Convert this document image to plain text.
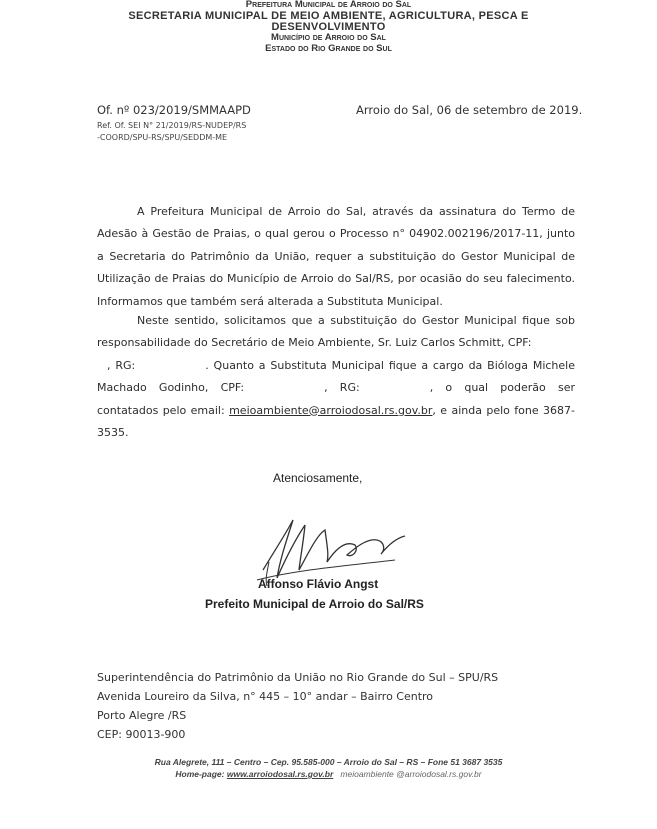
Prefeitura Municipal de Arroio do Sal
SECRETARIA MUNICIPAL DE MEIO AMBIENTE, AGRICULTURA, PESCA E
DESENVOLVIMENTO
Município de Arroio do Sal
Estado do Rio Grande do Sul
Of. nº 023/2019/SMMAAPD	Arroio do Sal, 06 de setembro de 2019.
Ref. Of. SEI N° 21/2019/RS-NUDEP/RS
-COORD/SPU-RS/SPU/SEDDM-ME
A Prefeitura Municipal de Arroio do Sal, através da assinatura do Termo de Adesão à Gestão de Praias, o qual gerou o Processo n° 04902.002196/2017-11, junto a Secretaria do Patrimônio da União, requer a substituição do Gestor Municipal de Utilização de Praias do Município de Arroio do Sal/RS, por ocasião do seu falecimento. Informamos que também será alterada a Substituta Municipal.
Neste sentido, solicitamos que a substituição do Gestor Municipal fique sob responsabilidade do Secretário de Meio Ambiente, Sr. Luiz Carlos Schmitt, CPF:
, RG:	. Quanto a Substituta Municipal fique a cargo da Bióloga Michele Machado Godinho, CPF:	, RG:	, o qual poderão ser contatados pelo email: meioambiente@arroiodosal.rs.gov.br, e ainda pelo fone 3687-3535.
Atenciosamente,
Affonso Flávio Angst
Prefeito Municipal de Arroio do Sal/RS
Superintendência do Patrimônio da União no Rio Grande do Sul – SPU/RS
Avenida Loureiro da Silva, n° 445 – 10° andar – Bairro Centro
Porto Alegre /RS
CEP: 90013-900
Rua Alegrete, 111 – Centro – Cep. 95.585-000 – Arroio do Sal – RS – Fone 51 3687 3535
Home-page: www.arroiodosal.rs.gov.br meioambiente @arroiodosal.rs.gov.br
